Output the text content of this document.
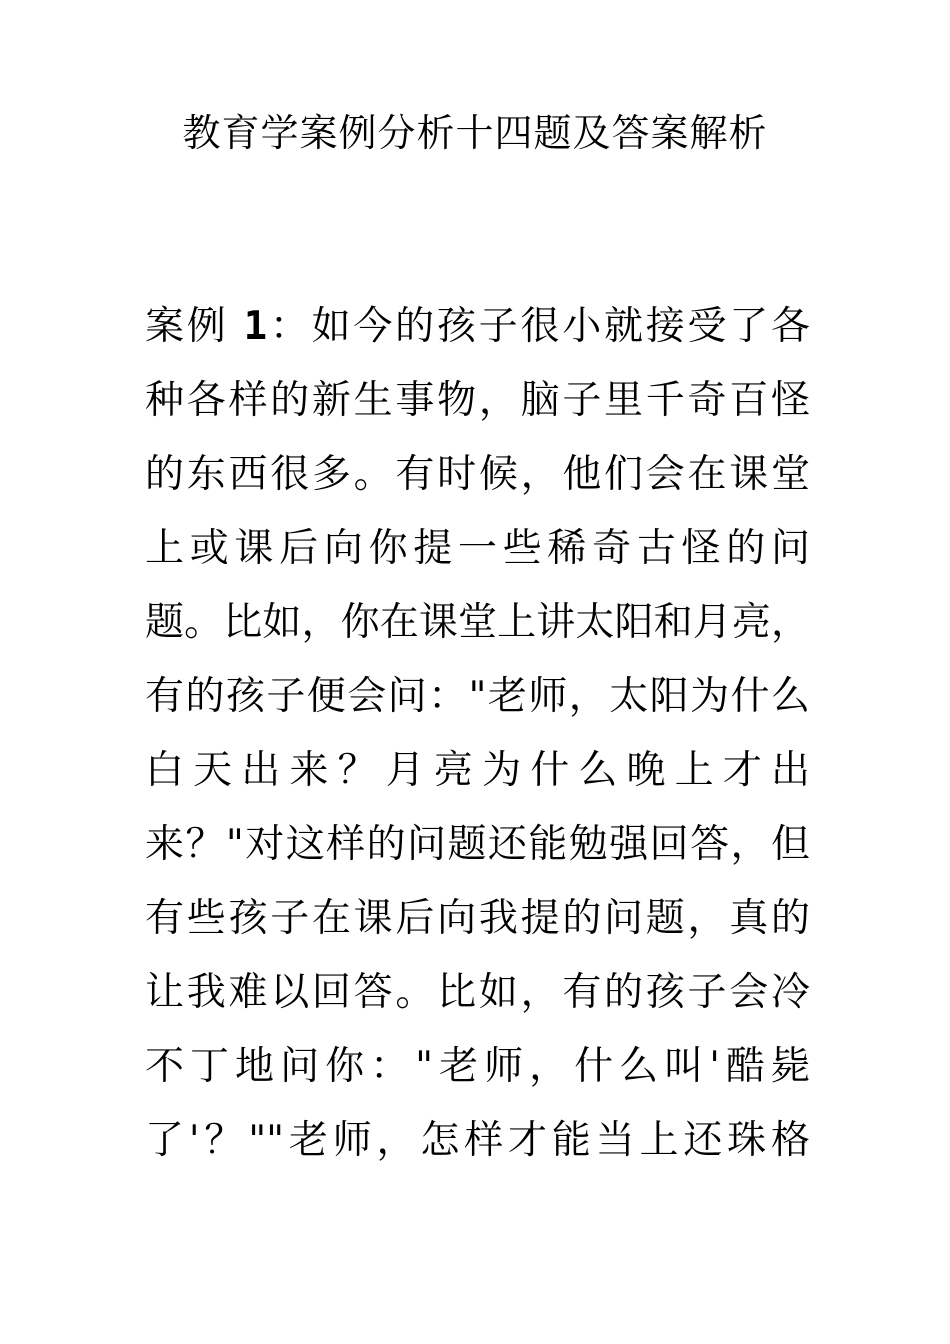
教育学案例分析十四题及答案解析
案例 1：如今的孩子很小就接受了各
种各样的新生事物，脑子里千奇百怪
的东西很多。有时候，他们会在课堂
上或课后向你提一些稀奇古怪的问
题。比如，你在课堂上讲太阳和月亮，
有的孩子便会问："老师，太阳为什么
白天出来？月亮为什么晚上才出
来？"对这样的问题还能勉强回答，但
有些孩子在课后向我提的问题，真的
让我难以回答。比如，有的孩子会冷
不丁地问你："老师，什么叫'酷毙
了'？""老师，怎样才能当上还珠格
